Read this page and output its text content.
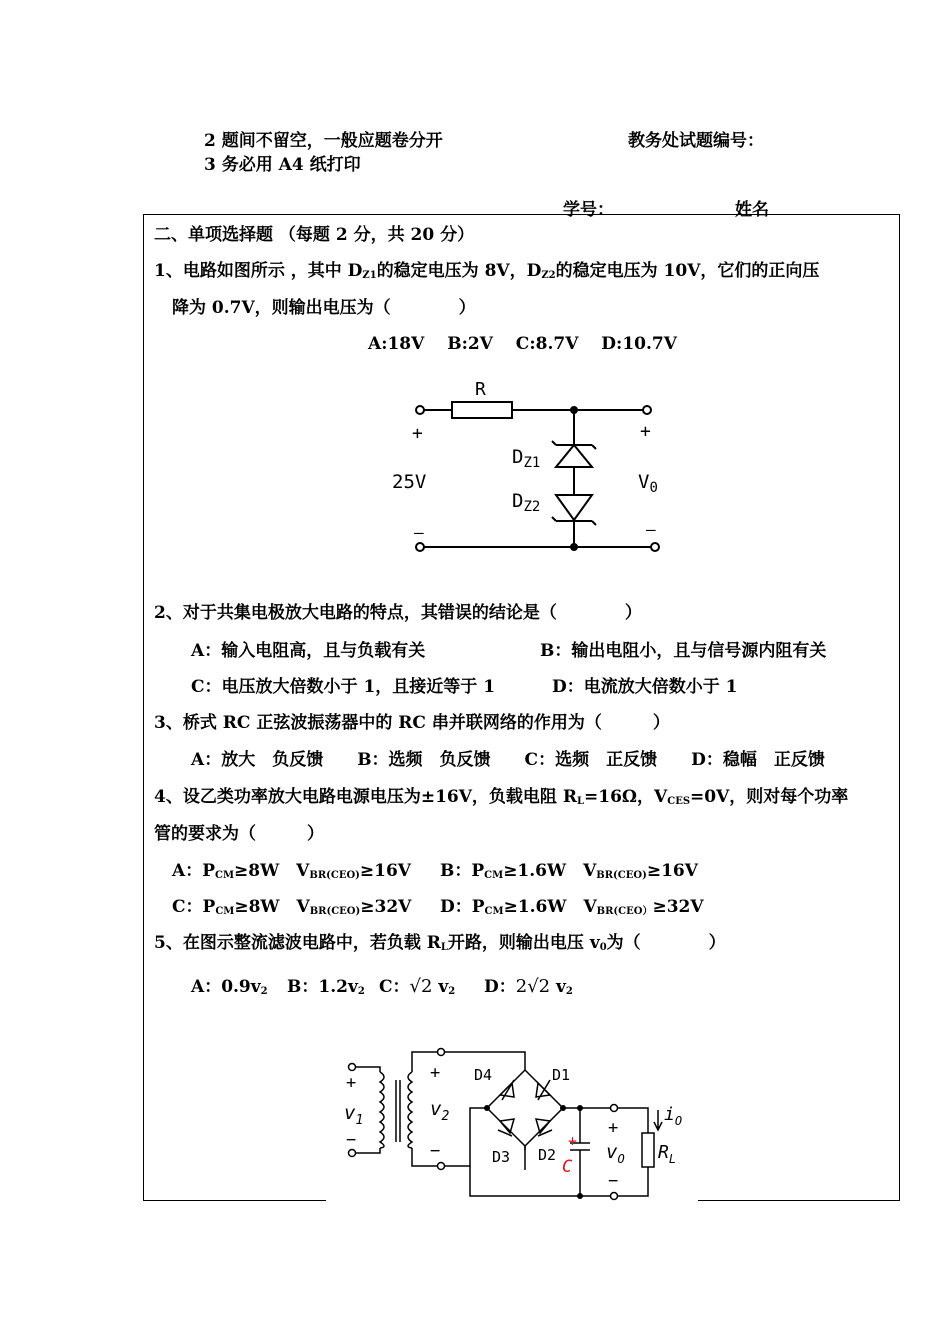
2 题间不留空，一般应题卷分开	教务处试题编号：
3 务必用 A4 纸打印
学号：	姓名
二、单项选择题 （每题 2 分，共 20 分）
1、电路如图所示 ，其中 $D_{Z1}$的稳定电压为 8V，$D_{Z2}$的稳定电压为 10V，它们的正向压
降为 0.7V，则输出电压为（　　　　）
A:18V　 B:2V　 C:8.7V　 D:10.7V
R
+	+
–	–
25V
$D_{Z1}$
$D_{Z2}$
$V_0$
2、对于共集电极放大电路的特点，其错误的结论是（　　　　）
A：输入电阻高，且与负载有关	B：输出电阻小，且与信号源内阻有关
C：电压放大倍数小于 1，且接近等于 1	D：电流放大倍数小于 1
3、桥式 RC 正弦波振荡器中的 RC 串并联网络的作用为（　　　）
A：放大　负反馈　　B：选频　负反馈　　C：选频　正反馈　　D：稳幅　正反馈
4、设乙类功率放大电路电源电压为±16V，负载电阻 $R_L=16\Omega$，$V_{CES}=0V$，则对每个功率
管的要求为（　　　）
A：$P_{CM}\ge 8W$　$V_{BR(CEO)}\ge 16V$ B：$P_{CM}\ge 1.6W$　$V_{BR(CEO)}\ge 16V$
C：$P_{CM}\ge 8W$　$V_{BR(CEO)}\ge 32V$ D：$P_{CM}\ge 1.6W$　$V_{BR(CEO)}\ge 32V$
5、在图示整流滤波电路中，若负载 $R_L$开路，则输出电压 $v_0$为（　　　　）
A：$0.9v_2$ B：$1.2v_2$ C：√2 $v_2$ D：2√2 $v_2$
+
−
$v_1$
+
−
$v_2$
D4	D1
D3 D2
+
C
+
$v_O$
−
$i_O$
$R_L$
